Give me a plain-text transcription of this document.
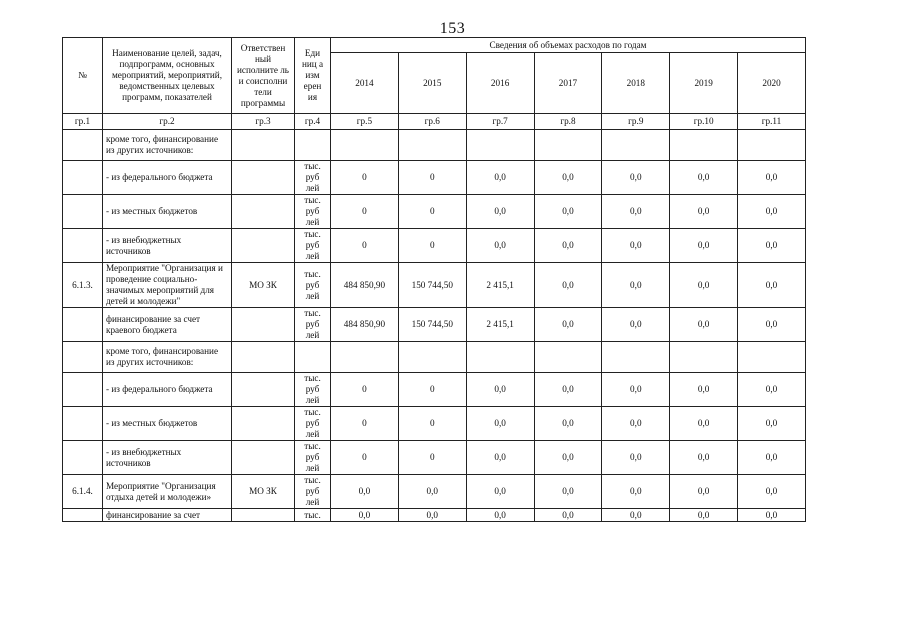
153
№	Наименование целей, задач, подпрограмм, основных мероприятий, мероприятий, ведомственных целевых программ, показателей	Ответствен ный исполните ль и соисполни тели программы	Еди ниц а изм ерен ия	Сведения об объемах расходов по годам						
				2014	2015	2016	2017	2018	2019	2020
гр.1	гр.2	гр.3	гр.4	гр.5	гр.6	гр.7	гр.8	гр.9	гр.10	гр.11
	кроме того, финансирование из других источников:									
	- из федерального бюджета		тыс. руб лей	0	0	0,0	0,0	0,0	0,0	0,0
	- из местных бюджетов		тыс. руб лей	0	0	0,0	0,0	0,0	0,0	0,0
	- из внебюджетных источников		тыс. руб лей	0	0	0,0	0,0	0,0	0,0	0,0
6.1.3.	Мероприятие "Организация и проведение социально-значимых мероприятий для детей и молодежи"	МО ЗК	тыс. руб лей	484 850,90	150 744,50	2 415,1	0,0	0,0	0,0	0,0
	финансирование за счет краевого бюджета		тыс. руб лей	484 850,90	150 744,50	2 415,1	0,0	0,0	0,0	0,0
	кроме того, финансирование из других источников:									
	- из федерального бюджета		тыс. руб лей	0	0	0,0	0,0	0,0	0,0	0,0
	- из местных бюджетов		тыс. руб лей	0	0	0,0	0,0	0,0	0,0	0,0
	- из внебюджетных источников		тыс. руб лей	0	0	0,0	0,0	0,0	0,0	0,0
6.1.4.	Мероприятие "Организация отдыха детей и молодежи»	МО ЗК	тыс. руб лей	0,0	0,0	0,0	0,0	0,0	0,0	0,0
	финансирование за счет		тыс.	0,0	0,0	0,0	0,0	0,0	0,0	0,0
